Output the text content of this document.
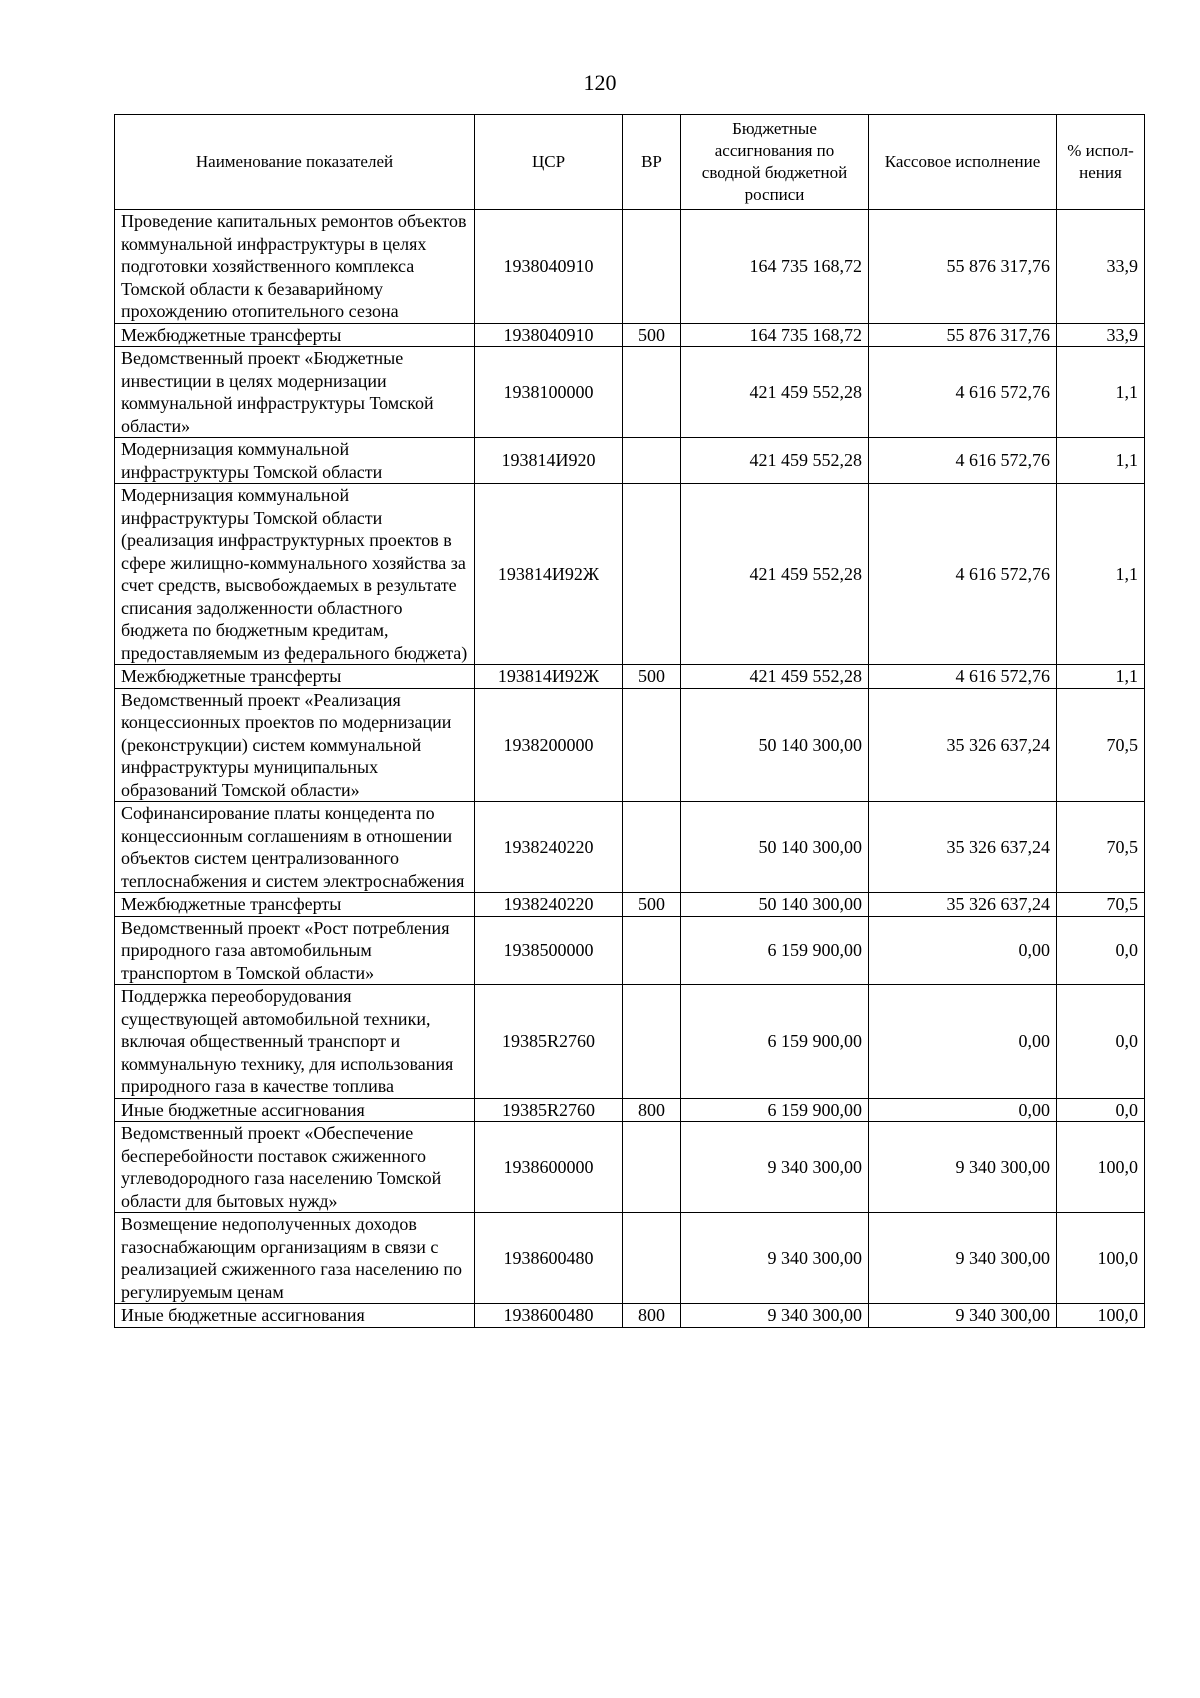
120
Наименование показателей	ЦСР	ВР	Бюджетные ассигнования по сводной бюджетной росписи	Кассовое исполнение	% испол-нения
Проведение капитальных ремонтов объектов коммунальной инфраструктуры в целях подготовки хозяйственного комплекса Томской области к безаварийному прохождению отопительного сезона	1938040910		164 735 168,72	55 876 317,76	33,9
Межбюджетные трансферты	1938040910	500	164 735 168,72	55 876 317,76	33,9
Ведомственный проект «Бюджетные инвестиции в целях модернизации коммунальной инфраструктуры Томской области»	1938100000		421 459 552,28	4 616 572,76	1,1
Модернизация коммунальной инфраструктуры Томской области	193814И920		421 459 552,28	4 616 572,76	1,1
Модернизация коммунальной инфраструктуры Томской области (реализация инфраструктурных проектов в сфере жилищно-коммунального хозяйства за счет средств, высвобождаемых в результате списания задолженности областного бюджета по бюджетным кредитам, предоставляемым из федерального бюджета)	193814И92Ж		421 459 552,28	4 616 572,76	1,1
Межбюджетные трансферты	193814И92Ж	500	421 459 552,28	4 616 572,76	1,1
Ведомственный проект «Реализация концессионных проектов по модернизации (реконструкции) систем коммунальной инфраструктуры муниципальных образований Томской области»	1938200000		50 140 300,00	35 326 637,24	70,5
Софинансирование платы концедента по концессионным соглашениям в отношении объектов систем централизованного теплоснабжения и систем электроснабжения	1938240220		50 140 300,00	35 326 637,24	70,5
Межбюджетные трансферты	1938240220	500	50 140 300,00	35 326 637,24	70,5
Ведомственный проект «Рост потребления природного газа автомобильным транспортом в Томской области»	1938500000		6 159 900,00	0,00	0,0
Поддержка переоборудования существующей автомобильной техники, включая общественный транспорт и коммунальную технику, для использования природного газа в качестве топлива	19385R2760		6 159 900,00	0,00	0,0
Иные бюджетные ассигнования	19385R2760	800	6 159 900,00	0,00	0,0
Ведомственный проект «Обеспечение бесперебойности поставок сжиженного углеводородного газа населению Томской области для бытовых нужд»	1938600000		9 340 300,00	9 340 300,00	100,0
Возмещение недополученных доходов газоснабжающим организациям в связи с реализацией сжиженного газа населению по регулируемым ценам	1938600480		9 340 300,00	9 340 300,00	100,0
Иные бюджетные ассигнования	1938600480	800	9 340 300,00	9 340 300,00	100,0
